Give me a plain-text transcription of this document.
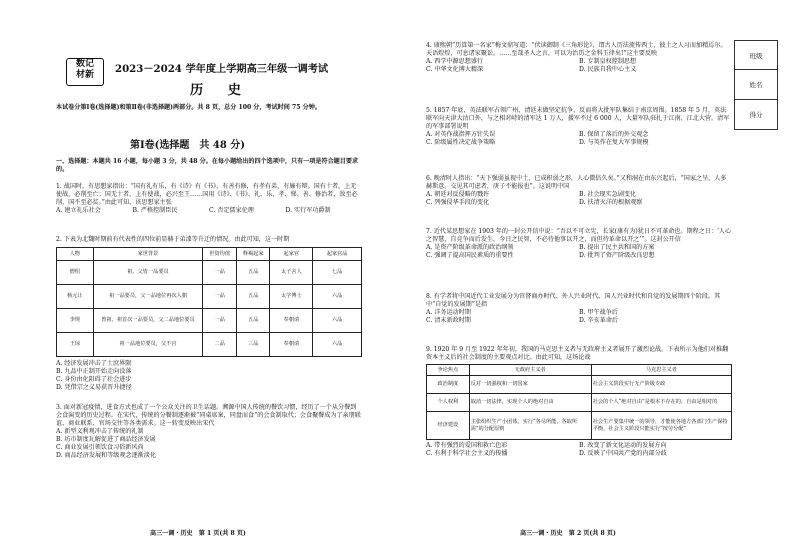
数记
材新	2023－2024 学年度上学期高三年级一调考试
历 史
本试卷分第Ⅰ卷(选择题)和第Ⅱ卷(非选择题)两部分。共 8 页，总分 100 分，考试时间 75 分钟。
第Ⅰ卷(选择题　共 48 分)
一、选择题：本题共 16 小题，每小题 3 分，共 48 分。在每小题给出的四个选项中，只有一项是符合题目要求的。
1. 战国时，有思想家指出：“国有礼有乐，有《诗》有《书》，有善有修，有孝有弟，有廉有辩。国有十者，上无使战，必削至亡；国无十者，上有使战，必兴至王……国用《诗》、《书》、礼、乐、孝、悌、善、修治者，敌至必削，国不至必贫。”由此可知，该思想家主张
A. 建立礼乐社会	B. 严格控制臣民	C. 否定儒家伦理	D. 实行军功爵制
2. 下表为北魏时期前有代表性的四位前显赫于弟漆等升迁的情况。由此可知，这一时期
人物	家世背景	世资均值	释褐起家	起家官	起家官品
僧绍	祖、父皆一品要员	一品	五品	太子舍人	七品
杨元让	祖一品要员，父一品地位再次入朝	一品	五品	太学博士	六品
李规	曾祖、祖首次一品要员，父二品地位要员	一品	五品	奉朝请	六品
王琼	祖一品地位要员，父不官	二品	三品	奉朝请	六品
A. 经济发展冲击了士庶界限
B. 九品中正制开始走向没落
C. 身份由化阻碍了社会进步
D. 凭借宗之义易获晋升捷径
3. 面对新冠疫情，进食方式也成了一个公众关注的卫生话题。溯源中国人传统的餐饮习惯，经历了一个从分餐到会食演变的历史过程。在宋代，传统的分餐制逐渐被“同桌席案，同盘而食”的会食制取代；会食聚餐成为了亲朋联谊、商业联系、官场交往等各类需求。这一转变反映出宋代
A. 新型义利观冲击了传统的礼制
B. 坊市制度瓦解促进了商品经济发展
C. 商业发展引领饮食习俗新风尚
D. 商品经济发展和等级观念逐渐淡化
4. 康熙朝“历算第一名家”梅文鼎写道：“伏读御制《三角形论》，谓古人历法流传西土，彼土之人习而加精焉尔。天语煌煌，可息诸家聚讼。……至哉圣人之言，可以为治历之金科玉律矣!”这主要反映
A. 西学中源思想盛行	B. 专制皇权控制思想
C. 中华文化博大精深	D. 民族自我中心主义
5. 1857 年底，英法联军占领广州，清廷未做坚定抗争，反而将大批军队集结于南京周围。1858 年 5 月，英法联军向天津大沽口外，与之相对峙的清军达 1 万人，援军不过 6 000 人，大量军队驻扎于江南、江北大营。清军的军事部署说明
A. 对英作战指挥方针失误	B. 保留了落后的外交观念
C. 阶级属性决定战争策略	D. 与英作在复大军事规模
6. 晚清时人指出：“天下强弱虽视中土，已成积弱之形，人心微倍久矣。”又和洞在由东兴起后，“国家之呈，人多赫斯意。交见其可虑者，庚子不能报也”。这说明中国
A. 朝廷对反侵略的戮许	B. 社会现实急剧变化
C. 列强侵华手段的变化	D. 扶清灭洋的根据观察
7. 近代某思想家在 1903 年的一封公开信中说：“吾以不可立宪，长家(康有为)犹日不可革命也。期程之日：‘人心之智慧，自竞争而后发生，今日之民智，不必待他事以开之，而但待革命以开之’”。这封公开信
A. 是资产阶级革命派的政治纲领	B. 提出了民主共和国的方案
C. 强调了提高国民素质的重要性	D. 批判了资产阶级改良思想
8. 有学者将中国近代工业发展分为官督商办时代、外人兴业时代、国人兴业时代和自觉的发展期四个阶段。其中“自觉的发展期”是指
A. 洋务运动时期	B. 甲午战争后
C. 清末新政时期	D. 辛亥革命后
9. 1920 年 9 月至 1922 年年初，我国的马克思主义者与无政府主义者展开了激烈论战。下表所示为他们对推翻资本主义后的社会制度的主要观点对比。由此可知，这场论战
争论焦点	无政府主义者	马克思主义者
政治制度	反对一切强权和一切国家	社会主义阶段实行无产阶级专政
个人权利	取消一切法律，实现个人的绝对自由	社会的个人“绝对自由”是根本不存在的，自由是相对的
经济建设	主张组织生产小团体，实行“各尽所能，各取所需”的分配原则	社会生产要集中统一的领导，才能使各地方各部门生产保持平衡，社会主义阶段只能实行“按劳分配”
A. 带有强烈的爱国和救亡色彩	B. 改变了新文化运动的发展方向
C. 有利于科学社会主义的传播	D. 反映了中国共产党的内部分歧
高三一调・历史　第 1 页(共 8 页)	高三一调・历史　第 2 页(共 8 页)
班级
姓名
得分
